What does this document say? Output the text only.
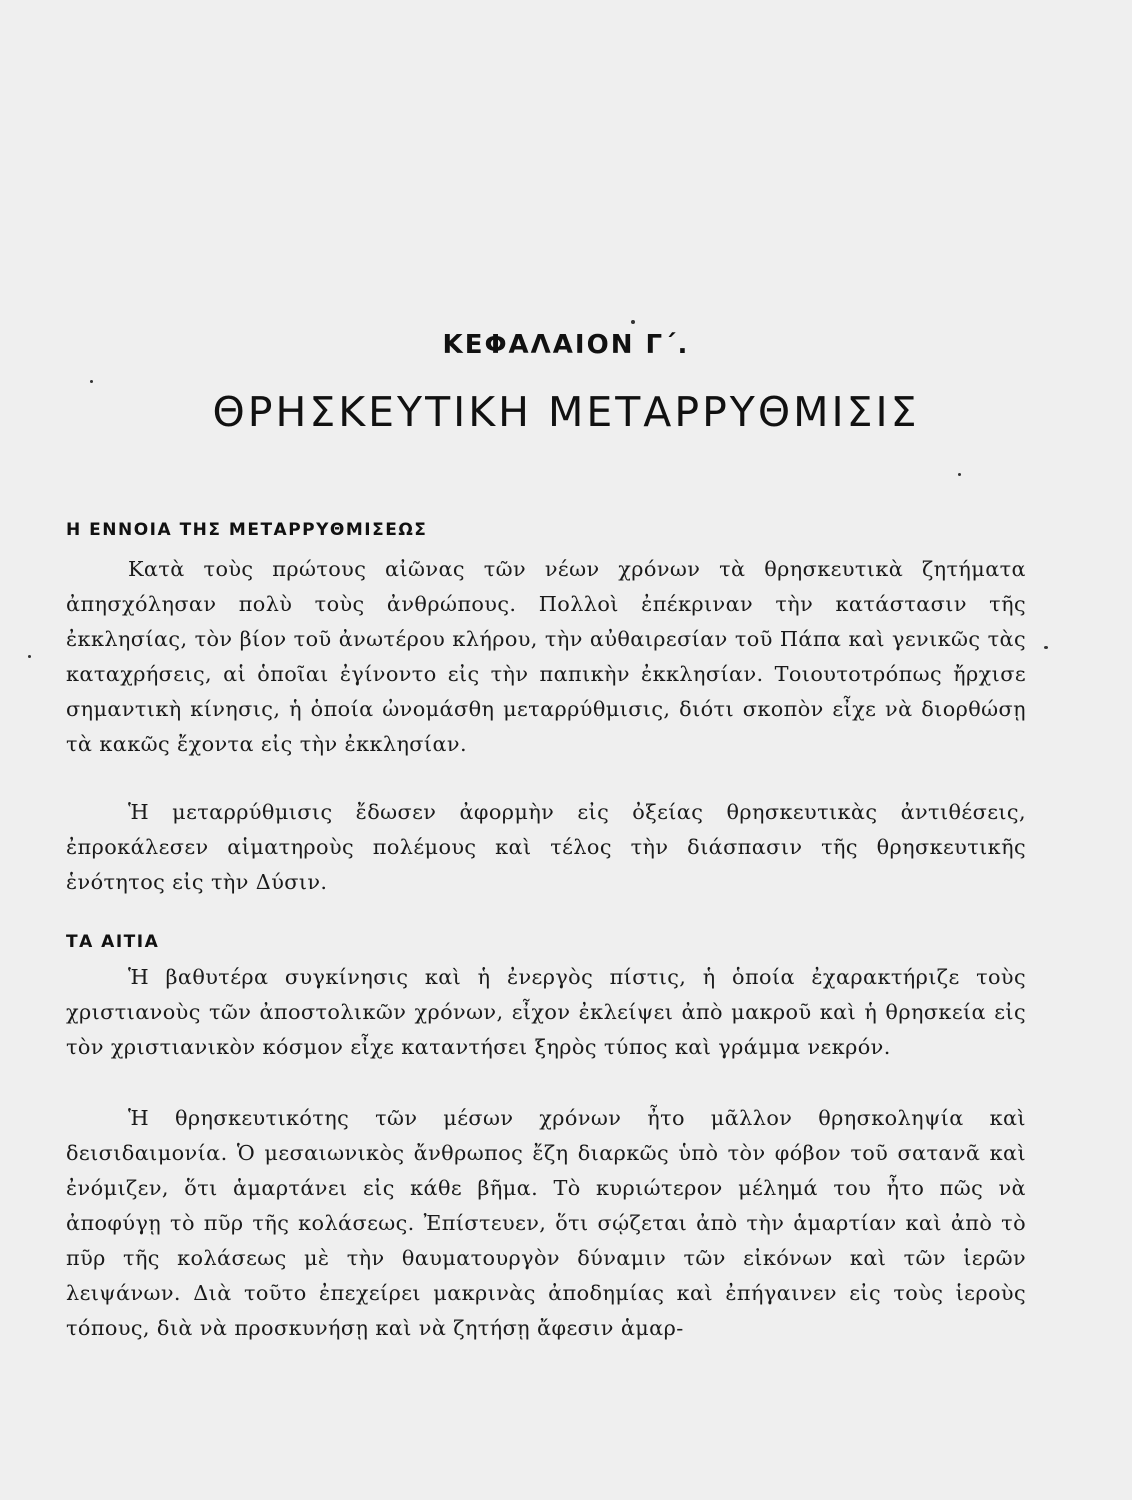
ΚΕΦΑΛΑΙΟΝ Γ΄.
ΘΡΗΣΚΕΥΤΙΚΗ ΜΕΤΑΡΡΥΘΜΙΣΙΣ
Η ΕΝΝΟΙΑ ΤΗΣ ΜΕΤΑΡΡΥΘΜΙΣΕΩΣ

Κατὰ τοὺς πρώτους αἰῶνας τῶν νέων χρόνων τὰ θρησκευτικὰ ζητήματα ἀπησχόλησαν πολὺ τοὺς ἀνθρώπους. Πολλοὶ ἐπέκριναν τὴν κατάστασιν τῆς ἐκκλησίας, τὸν βίον τοῦ ἀνωτέρου κλήρου, τὴν αὐθαιρεσίαν τοῦ Πάπα καὶ γενικῶς τὰς καταχρήσεις, αἱ ὁποῖαι ἐγίνοντο εἰς τὴν παπικὴν ἐκκλησίαν. Τοιουτοτρόπως ἤρχισε σημαντικὴ κίνησις, ἡ ὁποία ὠνομάσθη μεταρρύθμισις, διότι σκοπὸν εἶχε νὰ διορθώσῃ τὰ κακῶς ἔχοντα εἰς τὴν ἐκκλησίαν.

Ἡ μεταρρύθμισις ἔδωσεν ἀφορμὴν εἰς ὀξείας θρησκευτικὰς ἀντιθέσεις, ἐπροκάλεσεν αἱματηροὺς πολέμους καὶ τέλος τὴν διάσπασιν τῆς θρησκευτικῆς ἑνότητος εἰς τὴν Δύσιν.

ΤΑ ΑΙΤΙΑ

Ἡ βαθυτέρα συγκίνησις καὶ ἡ ἐνεργὸς πίστις, ἡ ὁποία ἐχαρακτήριζε τοὺς χριστιανοὺς τῶν ἀποστολικῶν χρόνων, εἶχον ἐκλείψει ἀπὸ μακροῦ καὶ ἡ θρησκεία εἰς τὸν χριστιανικὸν κόσμον εἶχε καταντήσει ξηρὸς τύπος καὶ γράμμα νεκρόν.

Ἡ θρησκευτικότης τῶν μέσων χρόνων ἦτο μᾶλλον θρησκοληψία καὶ δεισιδαιμονία. Ὁ μεσαιωνικὸς ἄνθρωπος ἔζη διαρκῶς ὑπὸ τὸν φόβον τοῦ σατανᾶ καὶ ἐνόμιζεν, ὅτι ἁμαρτάνει εἰς κάθε βῆμα. Τὸ κυριώτερον μέλημά του ἦτο πῶς νὰ ἀποφύγῃ τὸ πῦρ τῆς κολάσεως. Ἐπίστευεν, ὅτι σῴζεται ἀπὸ τὴν ἁμαρτίαν καὶ ἀπὸ τὸ πῦρ τῆς κολάσεως μὲ τὴν θαυματουργὸν δύναμιν τῶν εἰκόνων καὶ τῶν ἱερῶν λειψάνων. Διὰ τοῦτο ἐπεχείρει μακρινὰς ἀποδημίας καὶ ἐπήγαινεν εἰς τοὺς ἱεροὺς τόπους, διὰ νὰ προσκυνήσῃ καὶ νὰ ζητήσῃ ἄφεσιν ἁμαρ-
